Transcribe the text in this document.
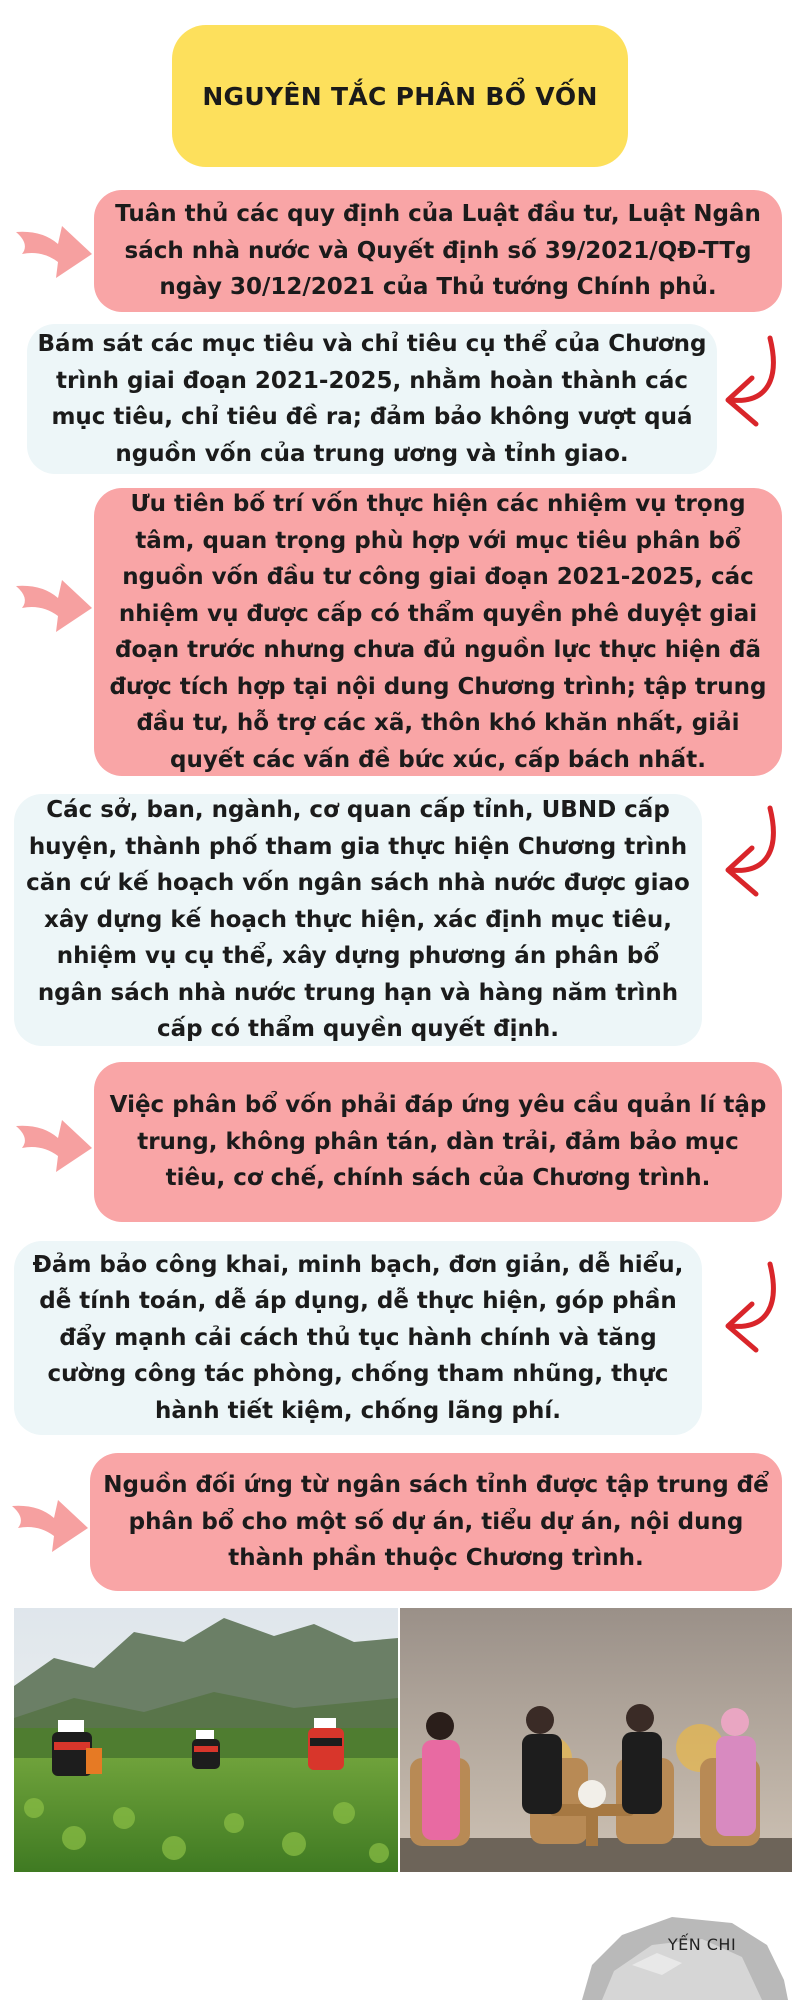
NGUYÊN TẮC PHÂN BỔ VỐN
Tuân thủ các quy định của Luật đầu tư, Luật Ngân sách nhà nước và Quyết định số 39/2021/QĐ-TTg ngày 30/12/2021 của Thủ tướng Chính phủ.
Bám sát các mục tiêu và chỉ tiêu cụ thể của Chương trình giai đoạn 2021-2025, nhằm hoàn thành các mục tiêu, chỉ tiêu đề ra; đảm bảo không vượt quá nguồn vốn của trung ương và tỉnh giao.
Ưu tiên bố trí vốn thực hiện các nhiệm vụ trọng tâm, quan trọng phù hợp với mục tiêu phân bổ nguồn vốn đầu tư công giai đoạn 2021-2025, các nhiệm vụ được cấp có thẩm quyền phê duyệt giai đoạn trước nhưng chưa đủ nguồn lực thực hiện đã được tích hợp tại nội dung Chương trình; tập trung đầu tư, hỗ trợ các xã, thôn khó khăn nhất, giải quyết các vấn đề bức xúc, cấp bách nhất.
Các sở, ban, ngành, cơ quan cấp tỉnh, UBND cấp huyện, thành phố tham gia thực hiện Chương trình căn cứ kế hoạch vốn ngân sách nhà nước được giao xây dựng kế hoạch thực hiện, xác định mục tiêu, nhiệm vụ cụ thể, xây dựng phương án phân bổ ngân sách nhà nước trung hạn và hàng năm trình cấp có thẩm quyền quyết định.
Việc phân bổ vốn phải đáp ứng yêu cầu quản lí tập trung, không phân tán, dàn trải, đảm bảo mục tiêu, cơ chế, chính sách của Chương trình.
Đảm bảo công khai, minh bạch, đơn giản, dễ hiểu, dễ tính toán, dễ áp dụng, dễ thực hiện, góp phần đẩy mạnh cải cách thủ tục hành chính và tăng cường công tác phòng, chống tham nhũng, thực hành tiết kiệm, chống lãng phí.
Nguồn đối ứng từ ngân sách tỉnh được tập trung để phân bổ cho một số dự án, tiểu dự án, nội dung thành phần thuộc Chương trình.
YẾN CHI
